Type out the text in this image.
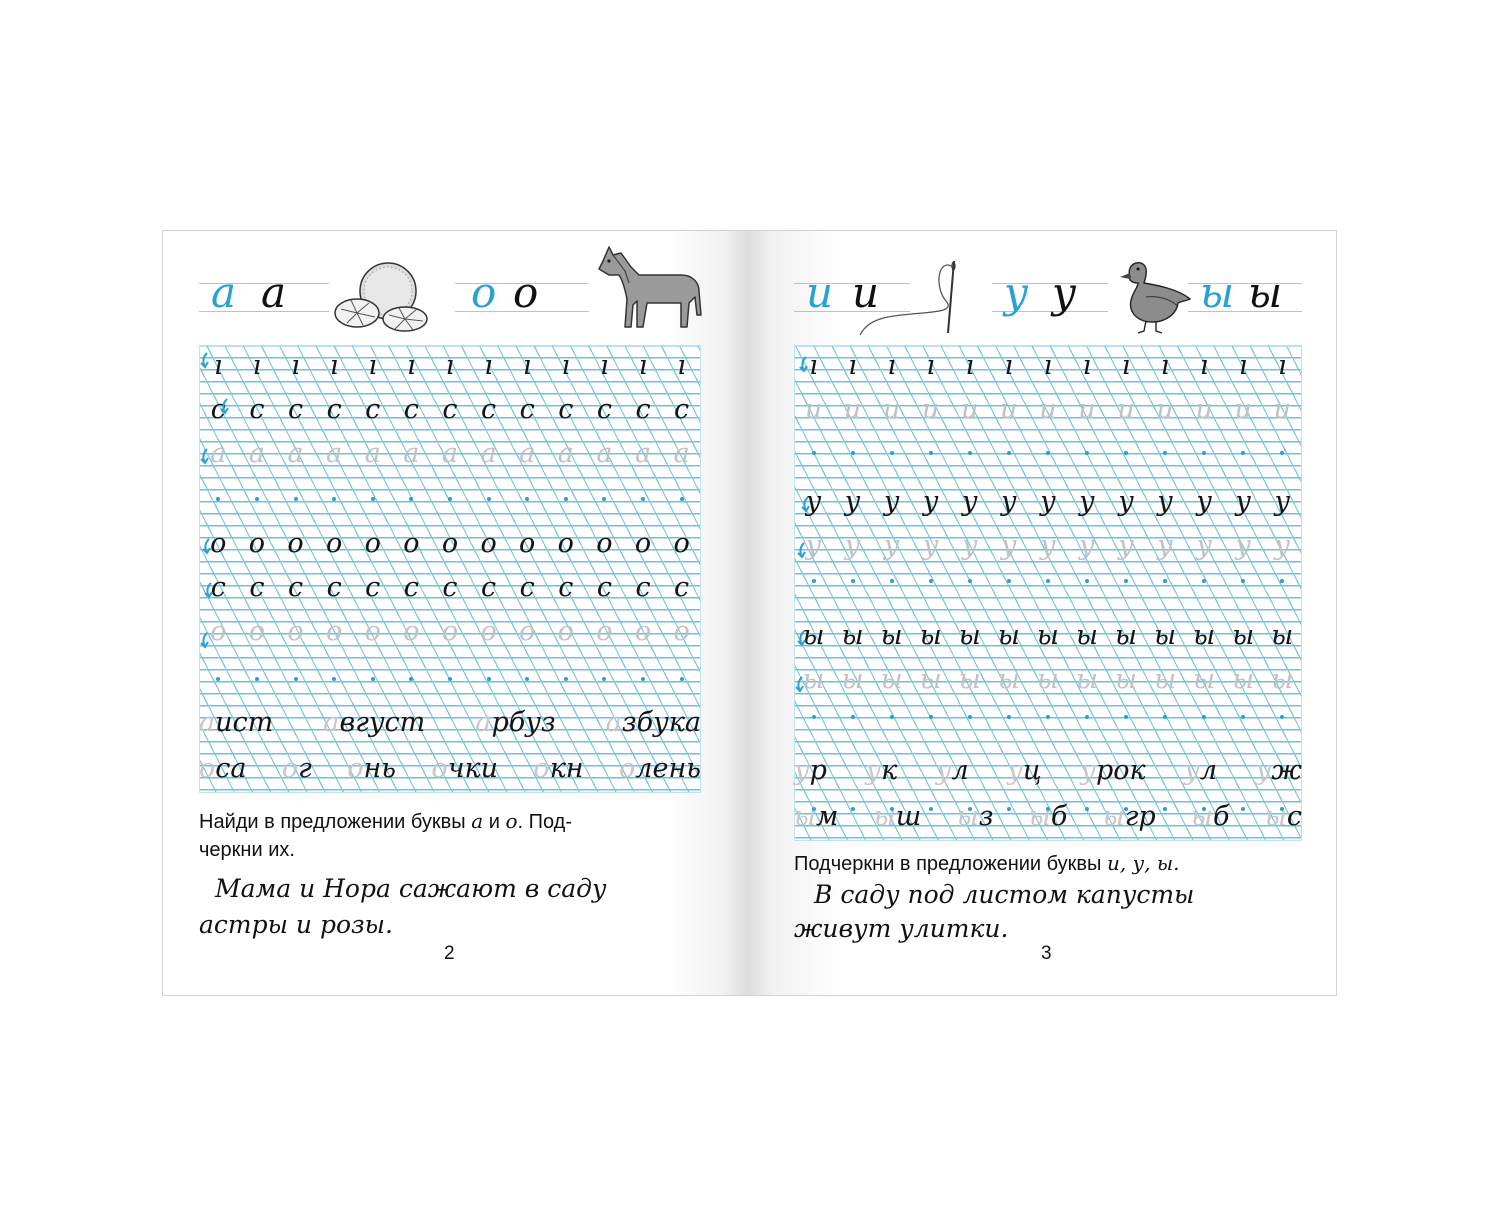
а а	о о
ı ı ı ı ı ı ı ı ı ı ı ı ı
с с с с с с с с с с с с с
а а а а а а а а а а а а а
о о о о о о о о о о о о о
с с с с с с с с с с с с с
о о о о о о о о о о о о о
а ист а вгуст а рбуз а збука
о са о г о нь о чки о кн о лень
Найди в предложении буквы а и о. Под-
черкни их.
Мама и Нора сажают в саду
астры и розы.
2
и и	у у	ы ы
ı ı ı ı ı ı ı ı ı ı ı ı ı
и и и и и и и и и и и и и
у у у у у у у у у у у у у
у у у у у у у у у у у у у
ы ы ы ы ы ы ы ы ы ы ы ы ы
ы ы ы ы ы ы ы ы ы ы ы ы ы
у р у к у л у ц у рок у л у ж
ы м ы ш ы з ы б ы гр ы б ы с
Подчеркни в предложении буквы и, у, ы.
В саду под листом капусты
живут улитки.
3
